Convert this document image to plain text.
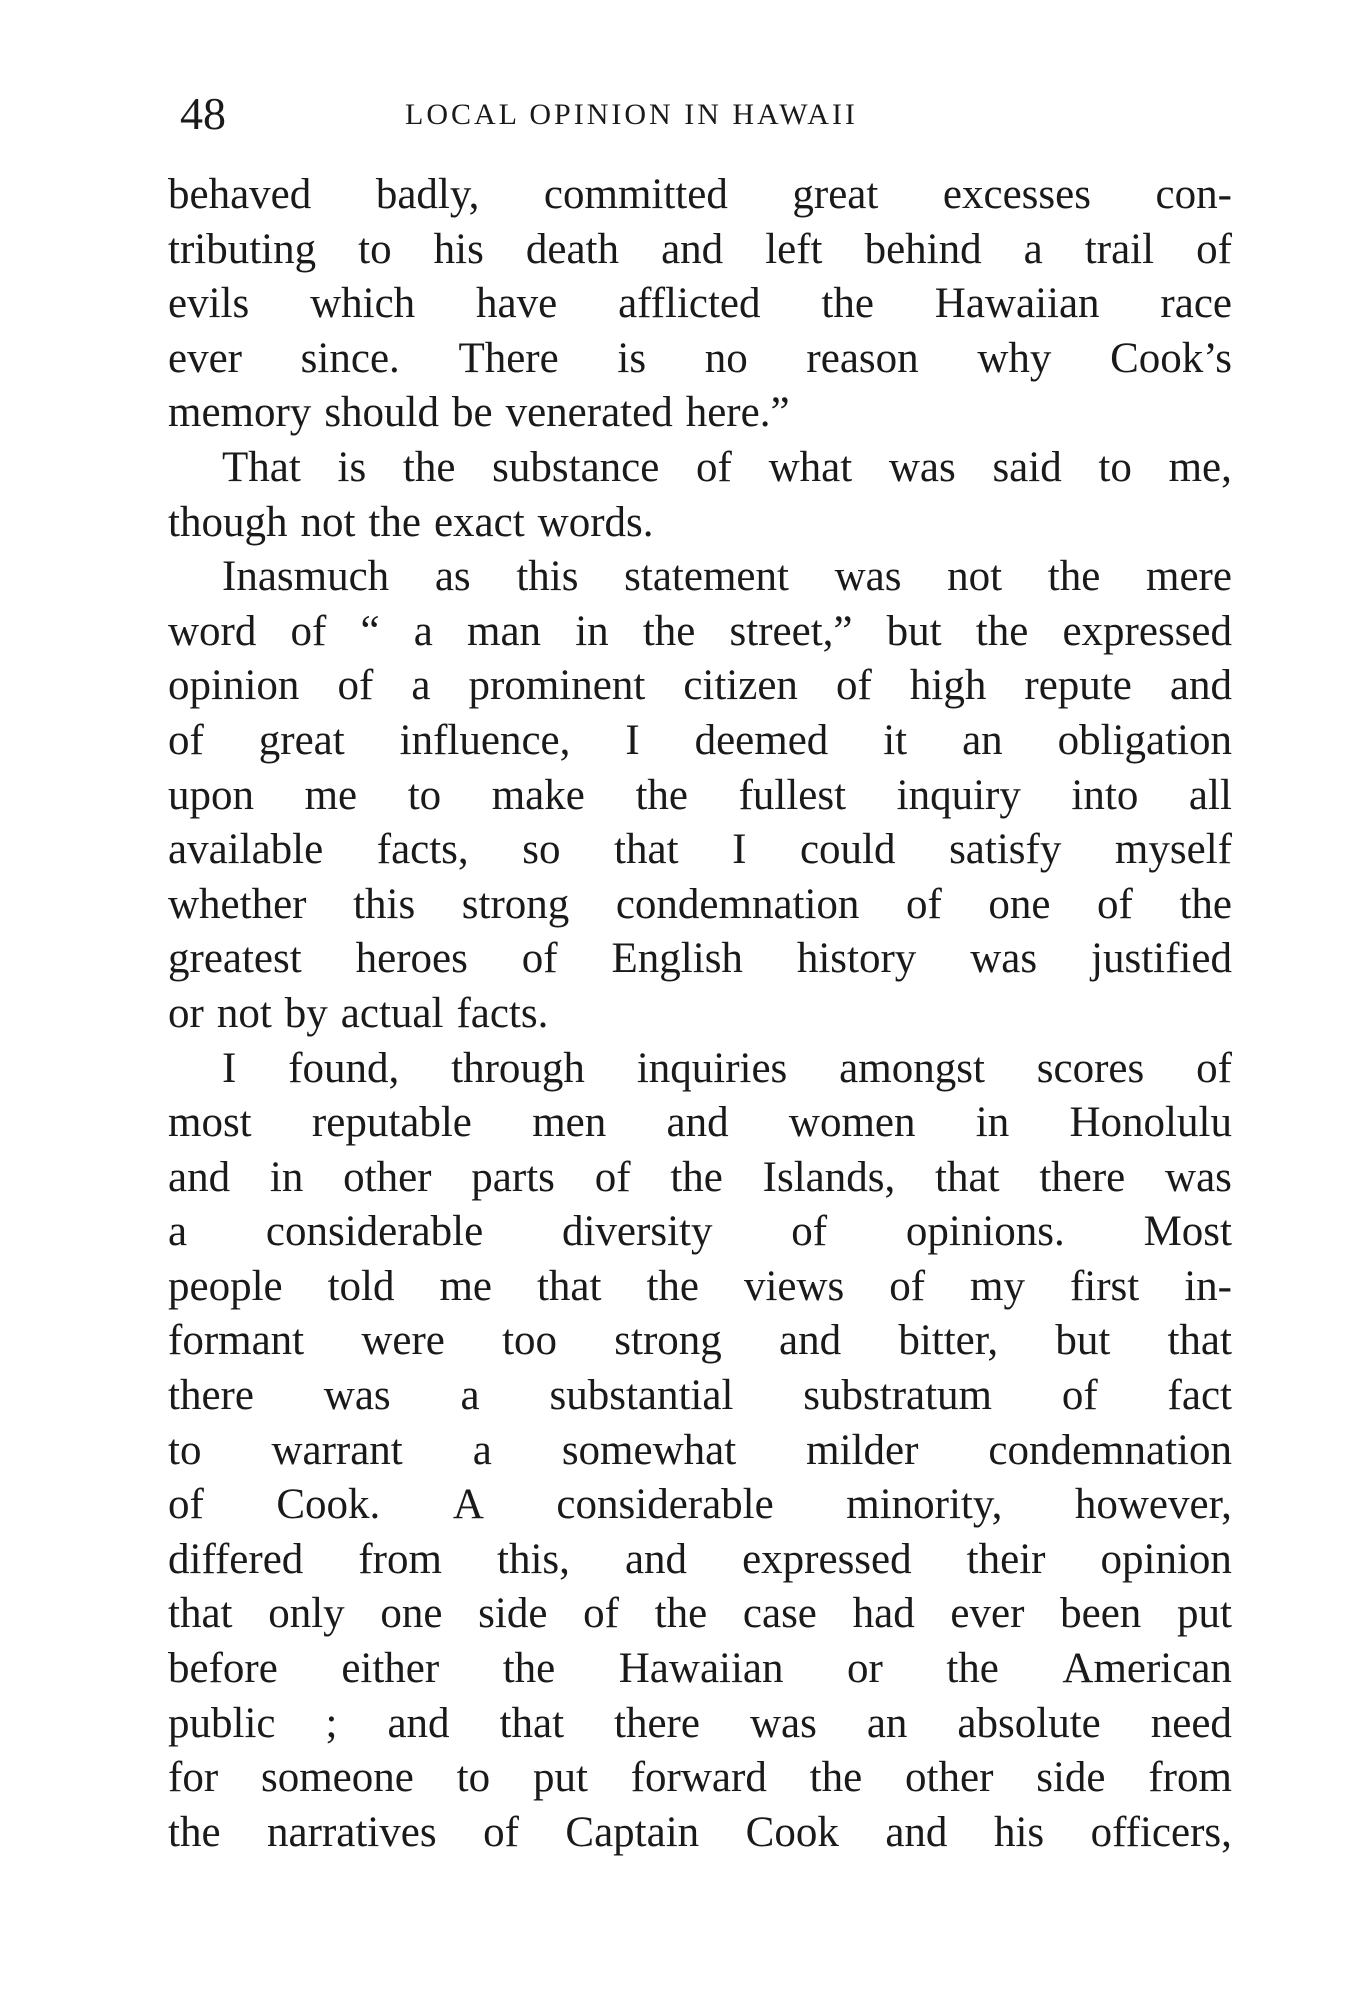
48	LOCAL OPINION IN HAWAII
behaved badly, committed great excesses con-
tributing to his death and left behind a trail of
evils which have afflicted the Hawaiian race
ever since. There is no reason why Cook’s
memory should be venerated here.”
That is the substance of what was said to me,
though not the exact words.
Inasmuch as this statement was not the mere
word of “ a man in the street,” but the expressed
opinion of a prominent citizen of high repute and
of great influence, I deemed it an obligation
upon me to make the fullest inquiry into all
available facts, so that I could satisfy myself
whether this strong condemnation of one of the
greatest heroes of English history was justified
or not by actual facts.
I found, through inquiries amongst scores of
most reputable men and women in Honolulu
and in other parts of the Islands, that there was
a considerable diversity of opinions. Most
people told me that the views of my first in-
formant were too strong and bitter, but that
there was a substantial substratum of fact
to warrant a somewhat milder condemnation
of Cook. A considerable minority, however,
differed from this, and expressed their opinion
that only one side of the case had ever been put
before either the Hawaiian or the American
public ; and that there was an absolute need
for someone to put forward the other side from
the narratives of Captain Cook and his officers,
